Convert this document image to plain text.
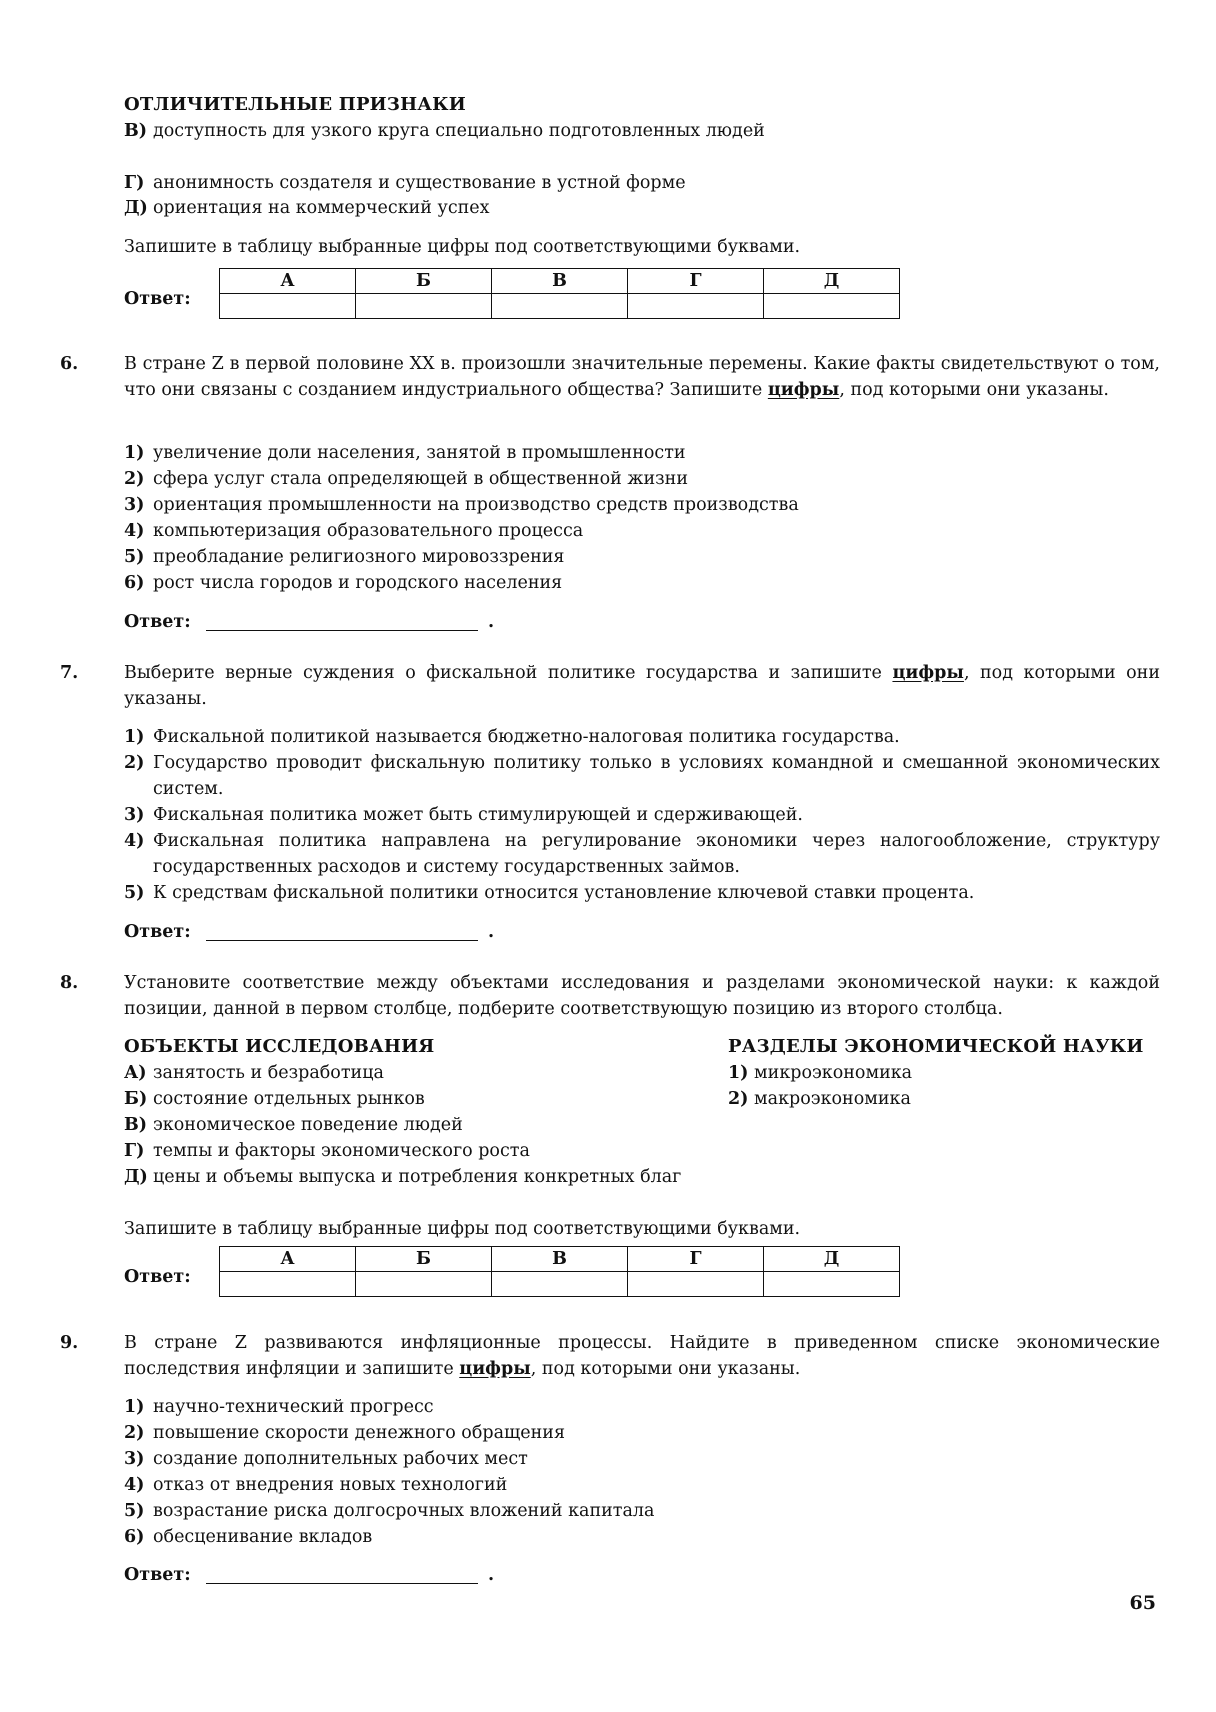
ОТЛИЧИТЕЛЬНЫЕ ПРИЗНАКИ
В) доступность для узкого круга специально подготовленных людей
Г) анонимность создателя и существование в устной форме
Д) ориентация на коммерческий успех
Запишите в таблицу выбранные цифры под соответствующими буквами.
Ответ:
А	Б	В	Г	Д

6.	В стране Z в первой половине XX в. произошли значительные перемены. Какие факты свидетельствуют о том, что они связаны с созданием индустриального общества? Запишите цифры, под которыми они указаны.
1) увеличение доли населения, занятой в промышленности
2) сфера услуг стала определяющей в общественной жизни
3) ориентация промышленности на производство средств производства
4) компьютеризация образовательного процесса
5) преобладание религиозного мировоззрения
6) рост числа городов и городского населения
Ответ:	.
7.	Выберите верные суждения о фискальной политике государства и запишите цифры, под которыми они указаны.
1) Фискальной политикой называется бюджетно-налоговая политика государства.
2) Государство проводит фискальную политику только в условиях командной и смешанной экономических систем.
3) Фискальная политика может быть стимулирующей и сдерживающей.
4) Фискальная политика направлена на регулирование экономики через налогообложение, структуру государственных расходов и систему государственных займов.
5) К средствам фискальной политики относится установление ключевой ставки процента.
Ответ:	.
8.	Установите соответствие между объектами исследования и разделами экономической науки: к каждой позиции, данной в первом столбце, подберите соответствующую позицию из второго столбца.
ОБЪЕКТЫ ИССЛЕДОВАНИЯ	РАЗДЕЛЫ ЭКОНОМИЧЕСКОЙ НАУКИ
А) занятость и безработица
Б) состояние отдельных рынков
В) экономическое поведение людей
Г) темпы и факторы экономического роста
Д) цены и объемы выпуска и потребления конкретных благ
1) микроэкономика
2) макроэкономика
Запишите в таблицу выбранные цифры под соответствующими буквами.
Ответ:
А	Б	В	Г	Д

9.	В стране Z развиваются инфляционные процессы. Найдите в приведенном списке экономические последствия инфляции и запишите цифры, под которыми они указаны.
1) научно-технический прогресс
2) повышение скорости денежного обращения
3) создание дополнительных рабочих мест
4) отказ от внедрения новых технологий
5) возрастание риска долгосрочных вложений капитала
6) обесценивание вкладов
Ответ:	.
65
